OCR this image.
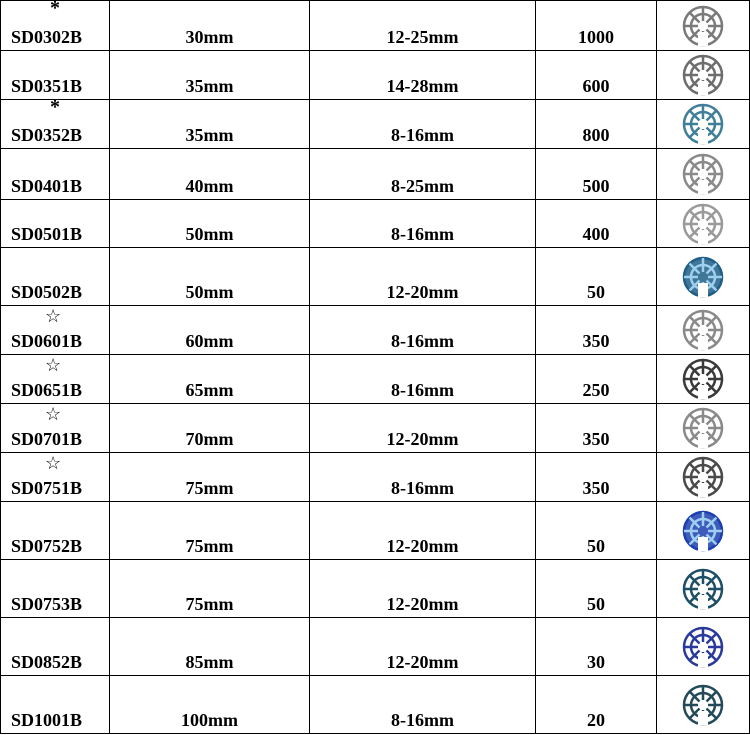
*
SD0302B	30mm	12-25mm	1000

SD0351B	35mm	14-28mm	600

*
SD0352B	35mm	8-16mm	800

SD0401B	40mm	8-25mm	500

SD0501B	50mm	8-16mm	400

SD0502B	50mm	12-20mm	50

☆
SD0601B	60mm	8-16mm	350

☆
SD0651B	65mm	8-16mm	250

☆
SD0701B	70mm	12-20mm	350

☆
SD0751B	75mm	8-16mm	350

SD0752B	75mm	12-20mm	50

SD0753B	75mm	12-20mm	50

SD0852B	85mm	12-20mm	30

SD1001B	100mm	8-16mm	20
